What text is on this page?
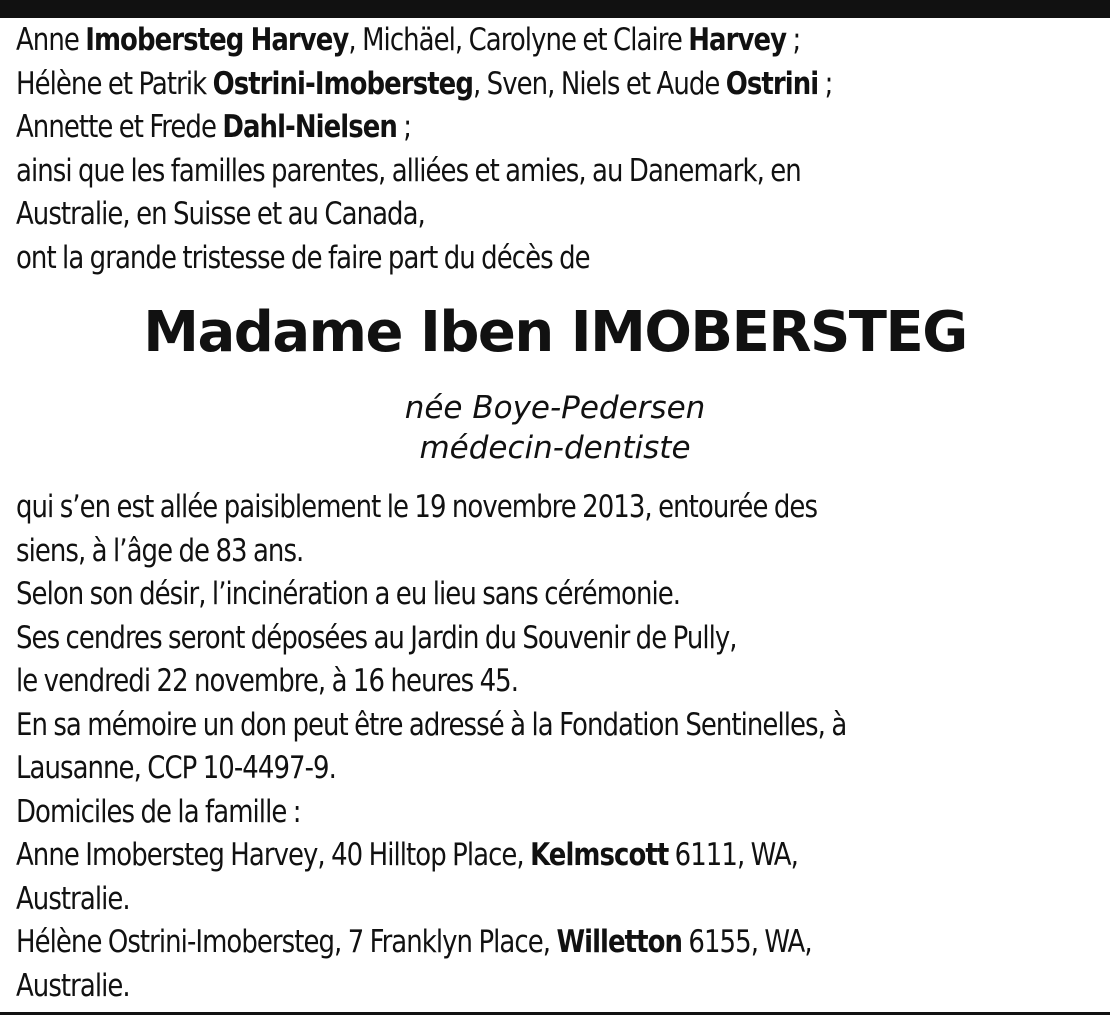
Anne Imobersteg Harvey, Michäel, Carolyne et Claire Harvey ;
Hélène et Patrik Ostrini-Imobersteg, Sven, Niels et Aude Ostrini ;
Annette et Frede Dahl-Nielsen ;
ainsi que les familles parentes, alliées et amies, au Danemark, en
Australie, en Suisse et au Canada,
ont la grande tristesse de faire part du décès de
Madame Iben IMOBERSTEG
née Boye-Pedersen
médecin-dentiste
qui s’en est allée paisiblement le 19 novembre 2013, entourée des
siens, à l’âge de 83 ans.
Selon son désir, l’incinération a eu lieu sans cérémonie.
Ses cendres seront déposées au Jardin du Souvenir de Pully,
le vendredi 22 novembre, à 16 heures 45.
En sa mémoire un don peut être adressé à la Fondation Sentinelles, à
Lausanne, CCP 10-4497-9.
Domiciles de la famille :
Anne Imobersteg Harvey, 40 Hilltop Place, Kelmscott 6111, WA,
Australie.
Hélène Ostrini-Imobersteg, 7 Franklyn Place, Willetton 6155, WA,
Australie.
